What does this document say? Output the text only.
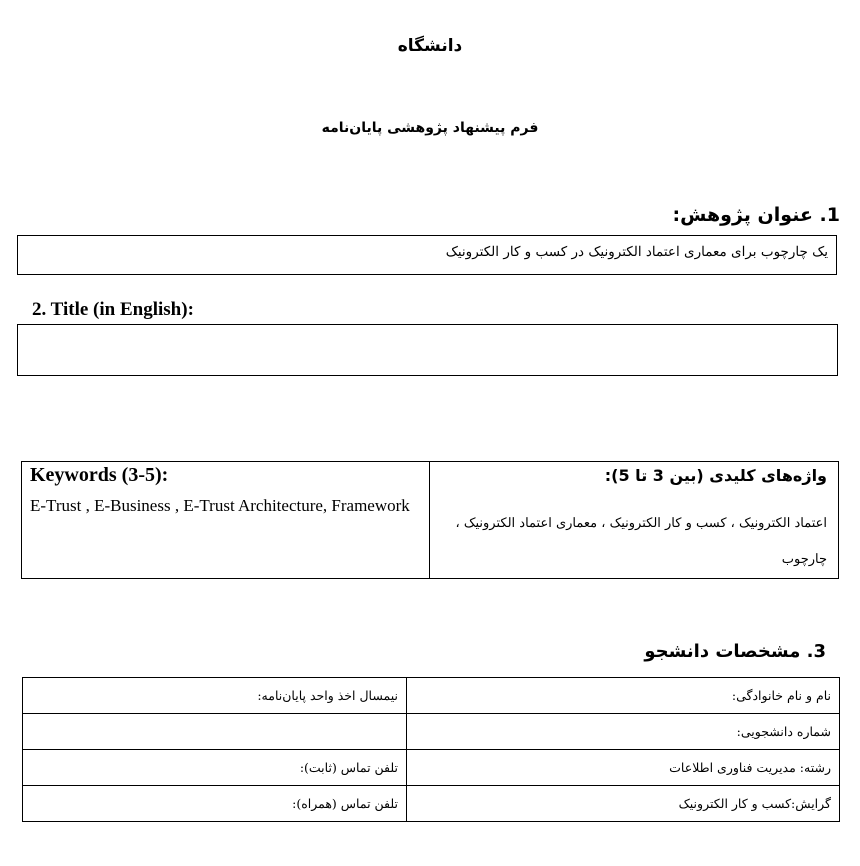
دانشگاه
فرم پیشنهاد پژوهشی پایان‌نامه
1. عنوان پژوهش:
یک چارچوب برای معماری اعتماد الکترونیک در کسب و کار الکترونیک
2. Title (in English):
Keywords (3-5):
E-Trust , E-Business , E-Trust Architecture, Framework
واژه‌های کلیدی (بین 3 تا 5):
اعتماد الکترونیک ، کسب و کار الکترونیک ، معماری اعتماد الکترونیک ، چارچوب
3. مشخصات دانشجو
نیمسال اخذ واحد پایان‌نامه:	نام و نام خانوادگی:
	شماره دانشجویی:
تلفن تماس (ثابت):	رشته: مدیریت فناوری اطلاعات
تلفن تماس (همراه):	گرایش:کسب و کار الکترونیک
